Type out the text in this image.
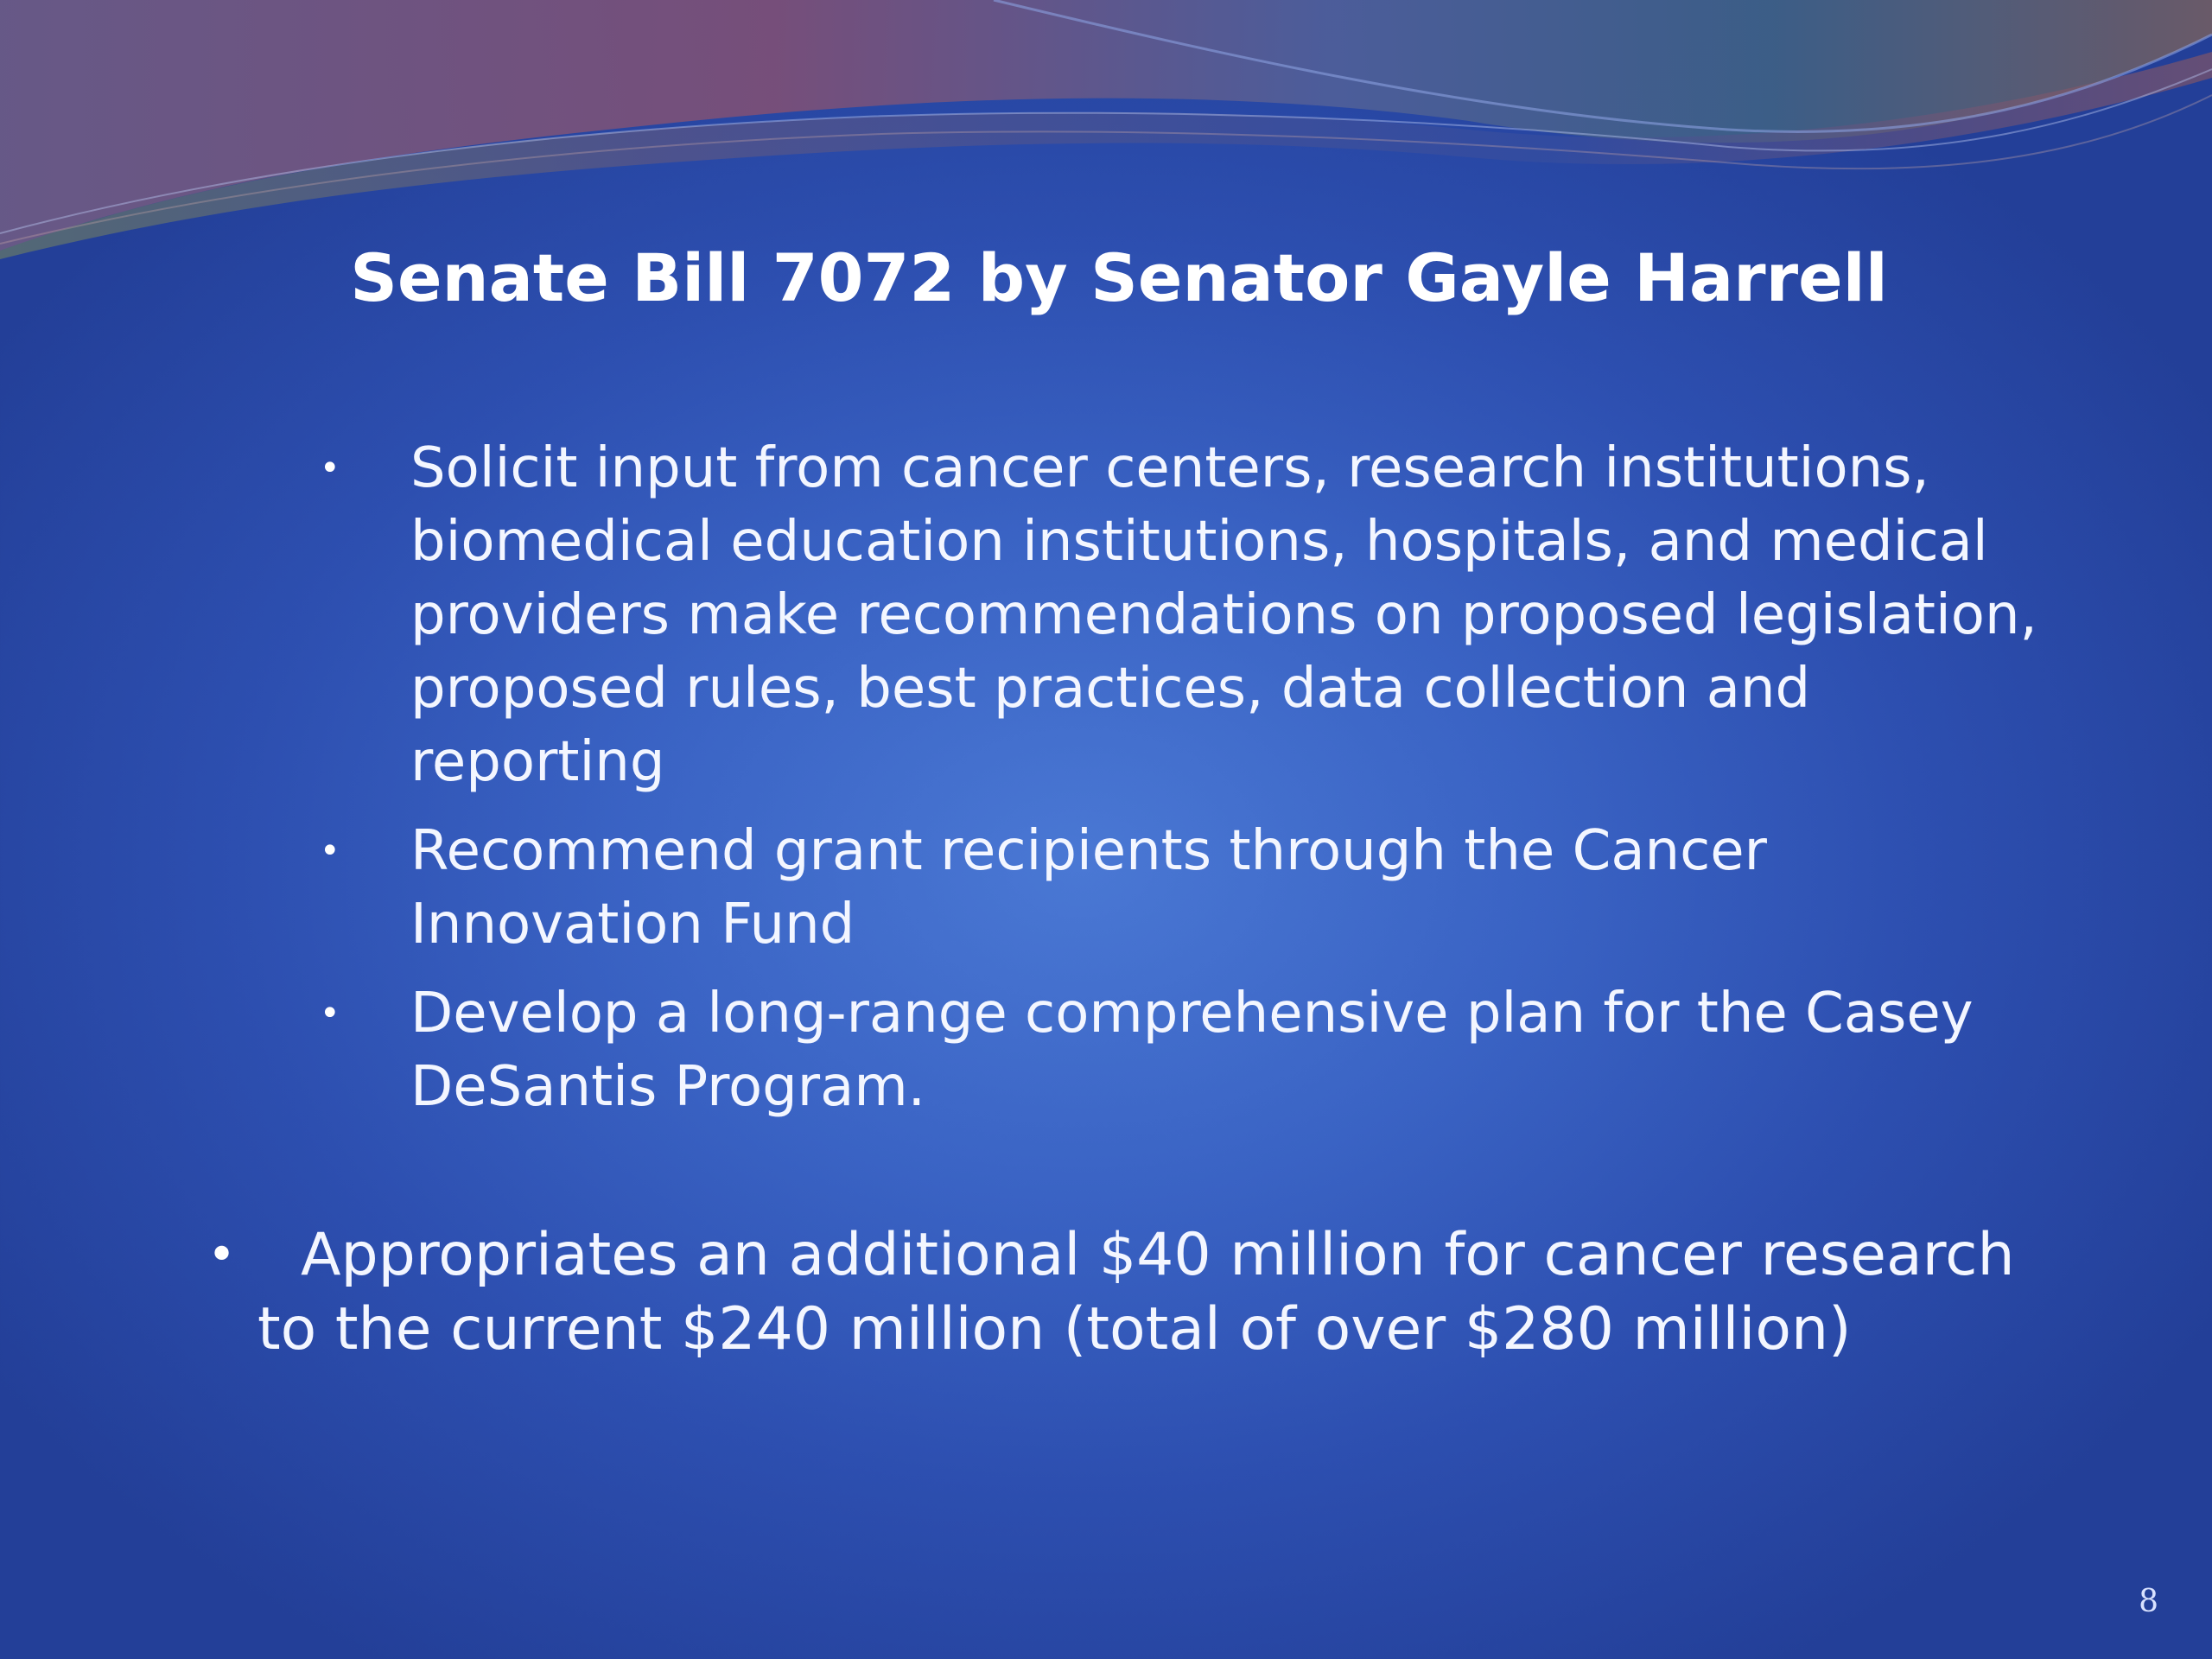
Senate Bill 7072 by Senator Gayle Harrell
• Solicit input from cancer centers, research institutions, biomedical education institutions, hospitals, and medical providers make recommendations on proposed legislation, proposed rules, best practices, data collection and reporting
• Recommend grant recipients through the Cancer Innovation Fund
• Develop a long-range comprehensive plan for the Casey DeSantis Program.
•	Appropriates an additional $40 million for cancer research
to the current $240 million (total of over $280 million)
8
